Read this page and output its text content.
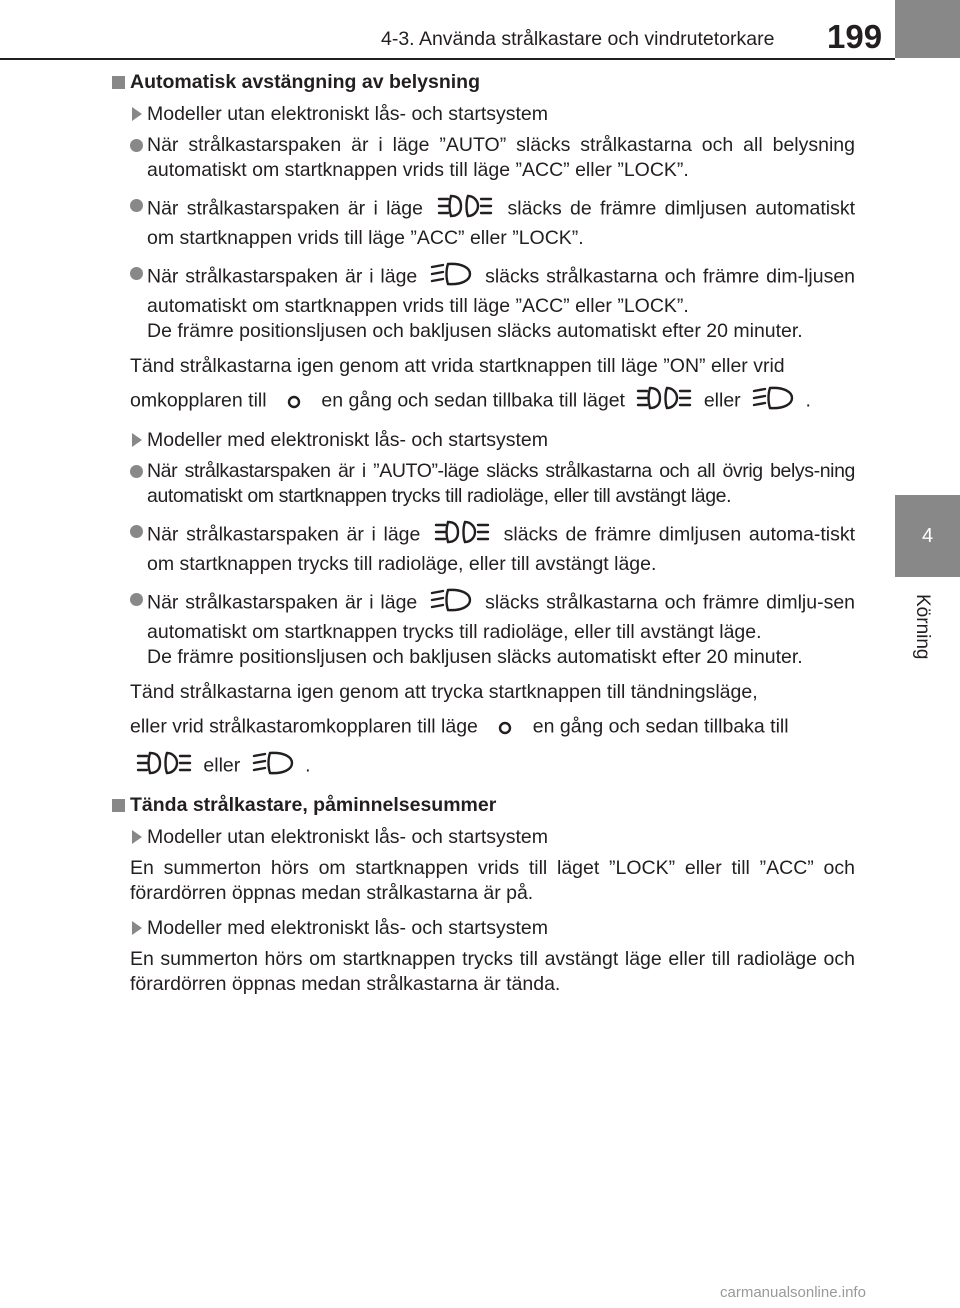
4-3. Använda strålkastare och vindrutetorkare 199
4
Körning
Automatisk avstängning av belysning
Modeller utan elektroniskt lås- och startsystem
När strålkastarspaken är i läge ”AUTO” släcks strålkastarna och all belysning automatiskt om startknappen vrids till läge ”ACC” eller ”LOCK”.
När strålkastarspaken är i läge	släcks de främre dimljusen automatiskt om startknappen vrids till läge ”ACC” eller ”LOCK”.
När strålkastarspaken är i läge	släcks strålkastarna och främre dim-ljusen automatiskt om startknappen vrids till läge ”ACC” eller ”LOCK”.
De främre positionsljusen och bakljusen släcks automatiskt efter 20 minuter.
Tänd strålkastarna igen genom att vrida startknappen till läge ”ON” eller vrid

omkopplaren till	en gång och sedan tillbaka till läget	eller	.
Modeller med elektroniskt lås- och startsystem
När strålkastarspaken är i ”AUTO”-läge släcks strålkastarna och all övrig belys-ning automatiskt om startknappen trycks till radioläge, eller till avstängt läge.
När strålkastarspaken är i läge	släcks de främre dimljusen automa-tiskt om startknappen trycks till radioläge, eller till avstängt läge.
När strålkastarspaken är i läge	släcks strålkastarna och främre dimlju-sen automatiskt om startknappen trycks till radioläge, eller till avstängt läge.
De främre positionsljusen och bakljusen släcks automatiskt efter 20 minuter.
Tänd strålkastarna igen genom att trycka startknappen till tändningsläge,

eller vrid strålkastaromkopplaren till läge	en gång och sedan tillbaka till

eller	.
Tända strålkastare, påminnelsesummer
Modeller utan elektroniskt lås- och startsystem
En summerton hörs om startknappen vrids till läget ”LOCK” eller till ”ACC” och förardörren öppnas medan strålkastarna är på.
Modeller med elektroniskt lås- och startsystem
En summerton hörs om startknappen trycks till avstängt läge eller till radioläge och förardörren öppnas medan strålkastarna är tända.
carmanualsonline.info
